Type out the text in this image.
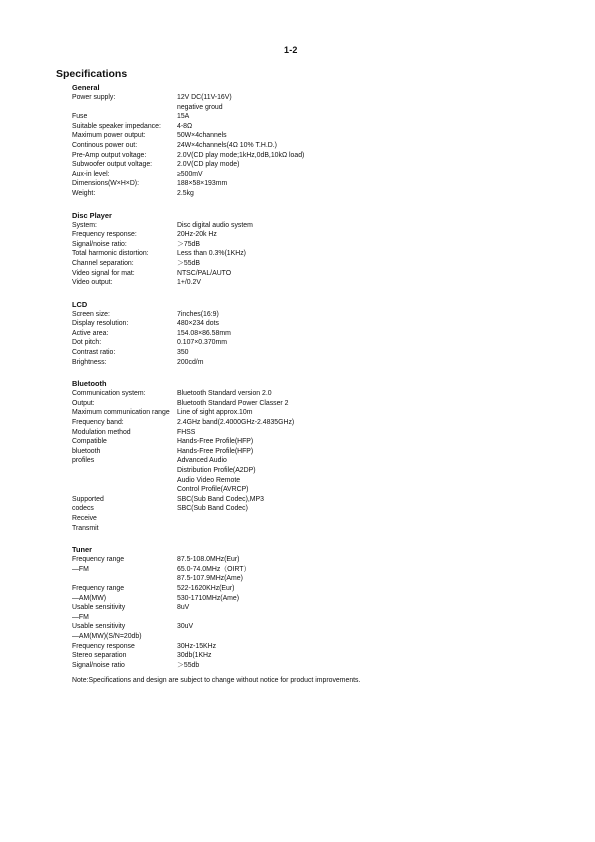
1-2
Specifications
General
Power supply:	12V DC(11V-16V)
negative groud
Fuse	15A
Suitable speaker impedance:	4-8Ω
Maximum power output:	50W×4channels
Continous power out:	24W×4channels(4Ω 10% T.H.D.)
Pre-Amp output voltage:	2.0V(CD play mode;1kHz,0dB,10kΩ load)
Subwoofer output voltage:	2.0V(CD play mode)
Aux-in level:	≥500mV
Dimensions(W×H×D):	188×58×193mm
Weight:	2.5kg
Disc Player
System:	Disc digital audio system
Frequency response:	20Hz-20k Hz
Signal/noise ratio:	＞75dB
Total harmonic distortion:	Less than 0.3%(1KHz)
Channel separation:	＞55dB
Video signal for mat:	NTSC/PAL/AUTO
Video output:	1+/0.2V
LCD
Screen size:	7inches(16:9)
Display resolution:	480×234 dots
Active area:	154.08×86.58mm
Dot pitch:	0.107×0.370mm
Contrast ratio:	350
Brightness:	200cd/m
Bluetooth
Communication system:	Bluetooth Standard version 2.0
Output:	Bluetooth Standard Power Classer 2
Maximum communication range	Line of sight approx.10m
Frequency band:	2.4GHz band(2.4000GHz-2.4835GHz)
Modulation method	FHSS
Compatible	Hands-Free Profile(HFP)
bluetooth	Hands-Free Profile(HFP)
profiles	Advanced Audio
Distribution Profile(A2DP)
Audio Video Remote
Control Profile(AVRCP)
Supported	SBC(Sub Band Codec),MP3
codecs	SBC(Sub Band Codec)
Receive
Transmit
Tuner
Frequency range	87.5-108.0MHz(Eur)
—FM	65.0-74.0MHz（OIRT）
87.5-107.9MHz(Ame)
Frequency range	522-1620KHz(Eur)
—AM(MW)	530-1710MHz(Ame)
Usable sensitivity	8uV
—FM
Usable sensitivity	30uV
—AM(MW)(S/N=20db)
Frequency response	30Hz-15KHz
Stereo separation	30db(1KHz
Signal/noise ratio	＞55db
Note:Specifications and design are subject to change without notice for product improvements.
